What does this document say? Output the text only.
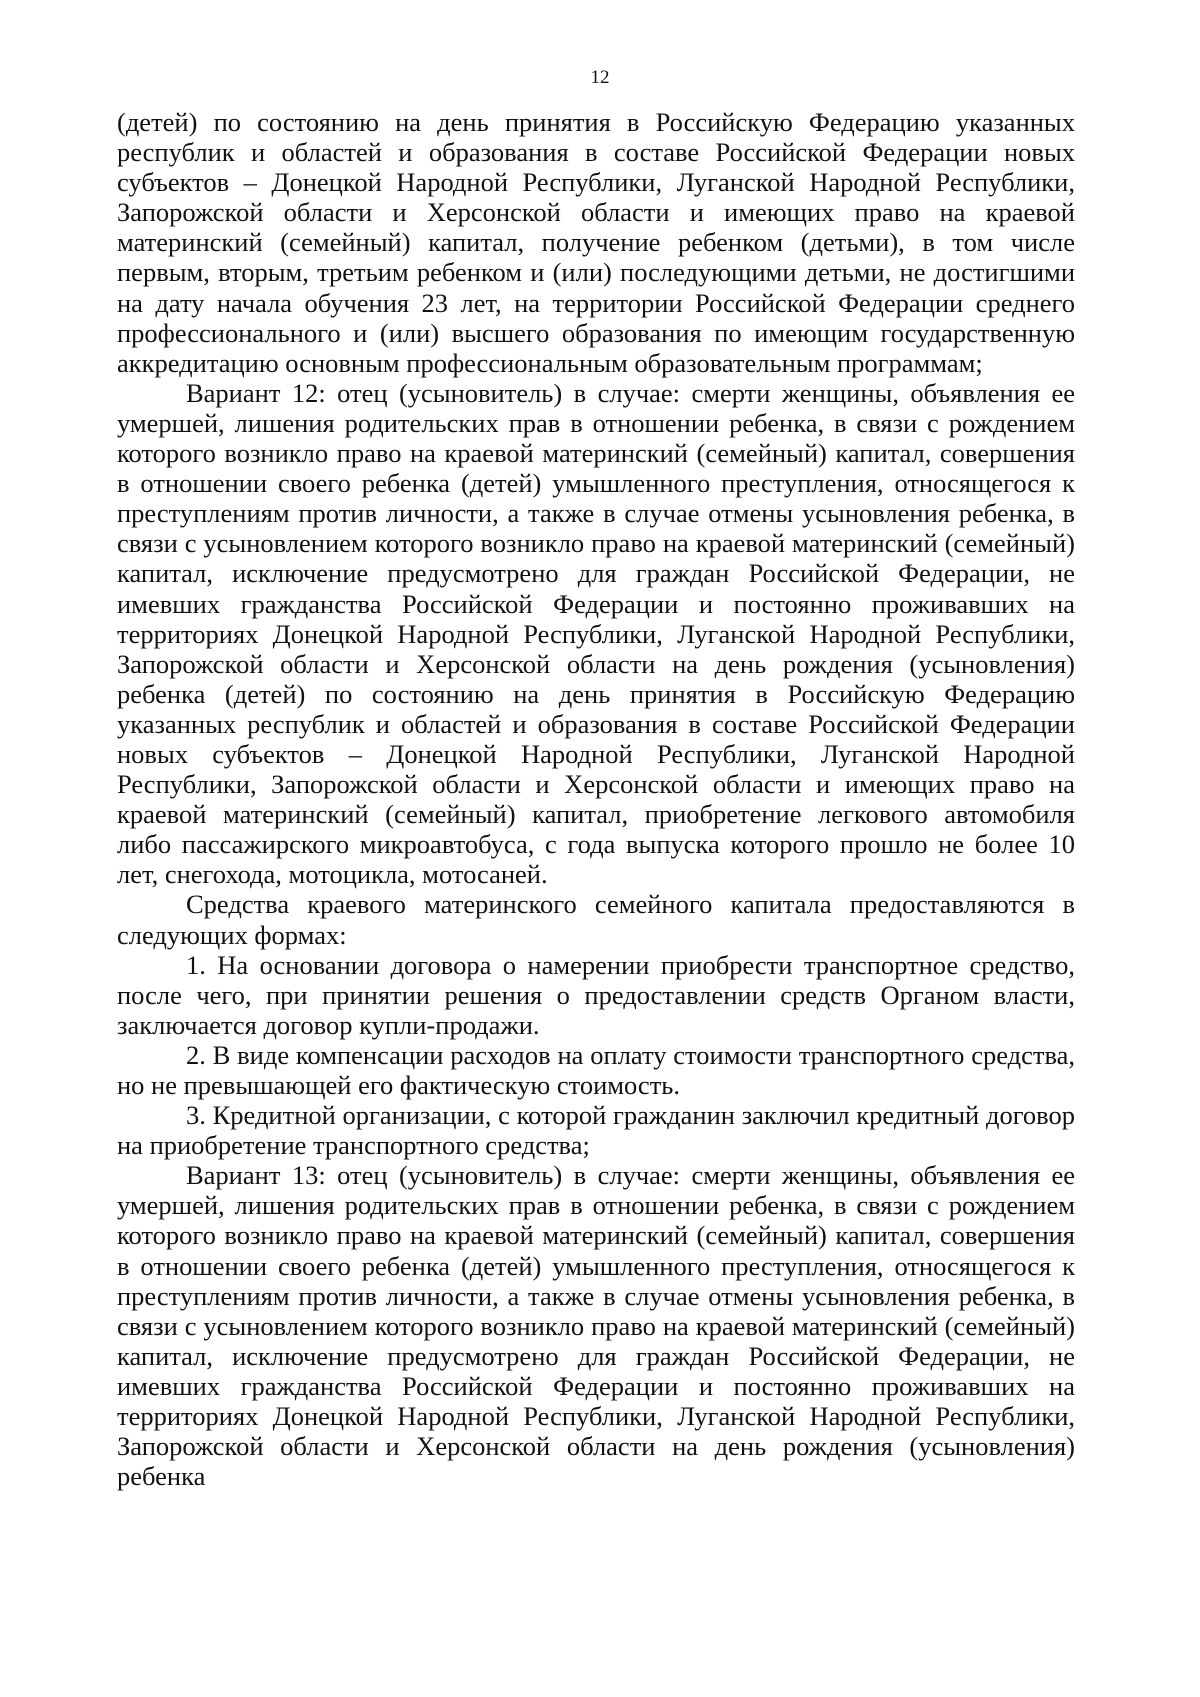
12

(детей) по состоянию на день принятия в Российскую Федерацию указанных республик и областей и образования в составе Российской Федерации новых субъектов – Донецкой Народной Республики, Луганской Народной Республики, Запорожской области и Херсонской области и имеющих право на краевой материнский (семейный) капитал, получение ребенком (детьми), в том числе первым, вторым, третьим ребенком и (или) последующими детьми, не достигшими на дату начала обучения 23 лет, на территории Российской Федерации среднего профессионального и (или) высшего образования по имеющим государственную аккредитацию основным профессиональным образовательным программам;

Вариант 12: отец (усыновитель) в случае: смерти женщины, объявления ее умершей, лишения родительских прав в отношении ребенка, в связи с рождением которого возникло право на краевой материнский (семейный) капитал, совершения в отношении своего ребенка (детей) умышленного преступления, относящегося к преступлениям против личности, а также в случае отмены усыновления ребенка, в связи с усыновлением которого возникло право на краевой материнский (семейный) капитал, исключение предусмотрено для граждан Российской Федерации, не имевших гражданства Российской Федерации и постоянно проживавших на территориях Донецкой Народной Республики, Луганской Народной Республики, Запорожской области и Херсонской области на день рождения (усыновления) ребенка (детей) по состоянию на день принятия в Российскую Федерацию указанных республик и областей и образования в составе Российской Федерации новых субъектов – Донецкой Народной Республики, Луганской Народной Республики, Запорожской области и Херсонской области и имеющих право на краевой материнский (семейный) капитал, приобретение легкового автомобиля либо пассажирского микроавтобуса, с года выпуска которого прошло не более 10 лет, снегохода, мотоцикла, мотосаней.

Средства краевого материнского семейного капитала предоставляются в следующих формах:

1. На основании договора о намерении приобрести транспортное средство, после чего, при принятии решения о предоставлении средств Органом власти, заключается договор купли-продажи.

2. В виде компенсации расходов на оплату стоимости транспортного средства, но не превышающей его фактическую стоимость.

3. Кредитной организации, с которой гражданин заключил кредитный договор на приобретение транспортного средства;

Вариант 13: отец (усыновитель) в случае: смерти женщины, объявления ее умершей, лишения родительских прав в отношении ребенка, в связи с рождением которого возникло право на краевой материнский (семейный) капитал, совершения в отношении своего ребенка (детей) умышленного преступления, относящегося к преступлениям против личности, а также в случае отмены усыновления ребенка, в связи с усыновлением которого возникло право на краевой материнский (семейный) капитал, исключение предусмотрено для граждан Российской Федерации, не имевших гражданства Российской Федерации и постоянно проживавших на территориях Донецкой Народной Республики, Луганской Народной Республики, Запорожской области и Херсонской области на день рождения (усыновления) ребенка
